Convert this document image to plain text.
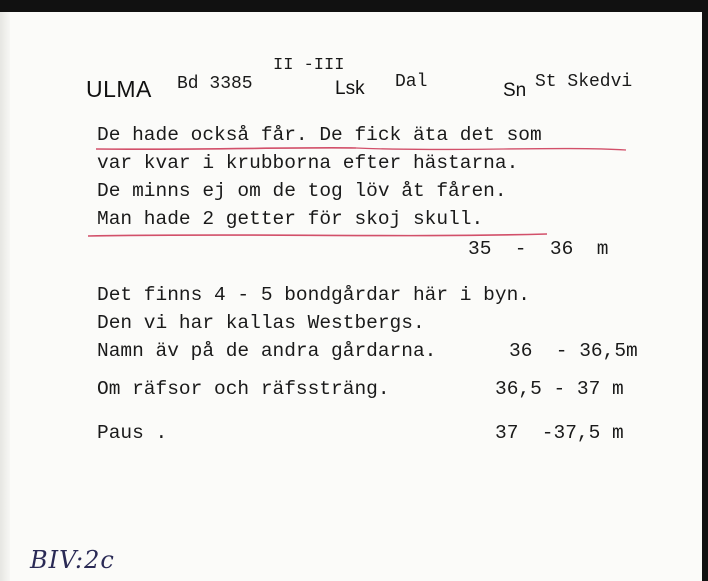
ULMA Bd 3385
II -III
Lsk Dal	Sn St Skedvi
De hade också får. De fick äta det som
var kvar i krubborna efter hästarna.
De minns ej om de tog löv åt fåren.
Man hade 2 getter för skoj skull.
35  -  36  m
Det finns 4 - 5 bondgårdar här i byn.
Den vi har kallas Westbergs.
Namn äv på de andra gårdarna.	36  - 36,5m
Om räfsor och räfssträng.	36,5 - 37 m
Paus .	37  -37,5 m
BIV:2c
